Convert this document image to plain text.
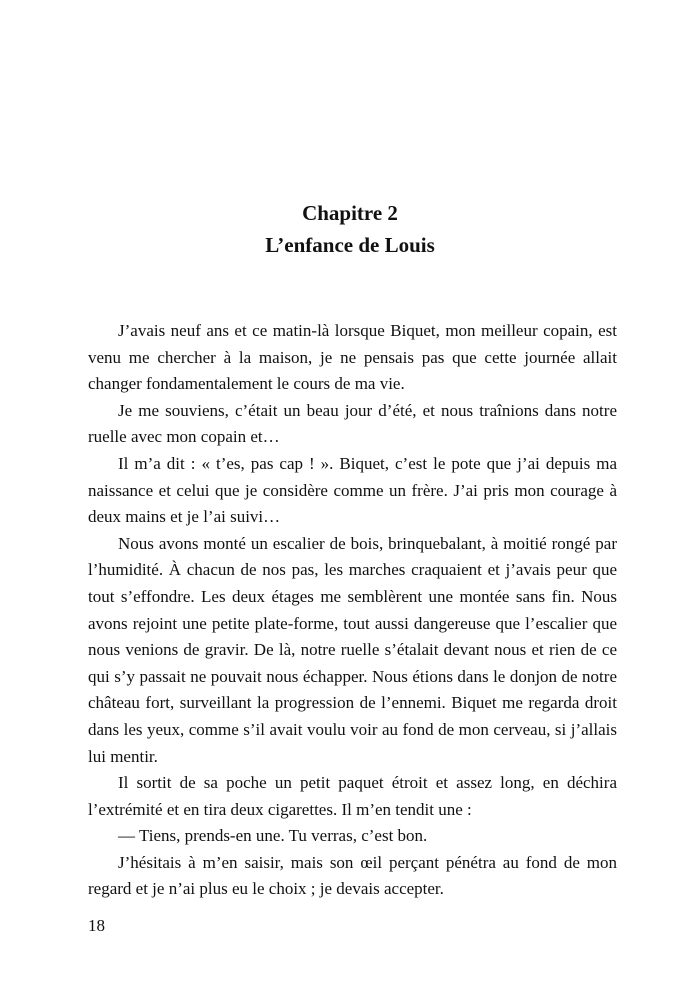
Chapitre 2
L’enfance de Louis

J’avais neuf ans et ce matin-là lorsque Biquet, mon meilleur copain, est venu me chercher à la maison, je ne pensais pas que cette journée allait changer fondamentalement le cours de ma vie.

Je me souviens, c’était un beau jour d’été, et nous traînions dans notre ruelle avec mon copain et…

Il m’a dit : « t’es, pas cap ! ». Biquet, c’est le pote que j’ai depuis ma naissance et celui que je considère comme un frère. J’ai pris mon courage à deux mains et je l’ai suivi…

Nous avons monté un escalier de bois, brinquebalant, à moitié rongé par l’humidité. À chacun de nos pas, les marches craquaient et j’avais peur que tout s’effondre. Les deux étages me semblèrent une montée sans fin. Nous avons rejoint une petite plate-forme, tout aussi dangereuse que l’escalier que nous venions de gravir. De là, notre ruelle s’étalait devant nous et rien de ce qui s’y passait ne pouvait nous échapper. Nous étions dans le donjon de notre château fort, surveillant la progression de l’ennemi. Biquet me regarda droit dans les yeux, comme s’il avait voulu voir au fond de mon cerveau, si j’allais lui mentir.

Il sortit de sa poche un petit paquet étroit et assez long, en déchira l’extrémité et en tira deux cigarettes. Il m’en tendit une :

— Tiens, prends-en une. Tu verras, c’est bon.

J’hésitais à m’en saisir, mais son œil perçant pénétra au fond de mon regard et je n’ai plus eu le choix ; je devais accepter.

18
